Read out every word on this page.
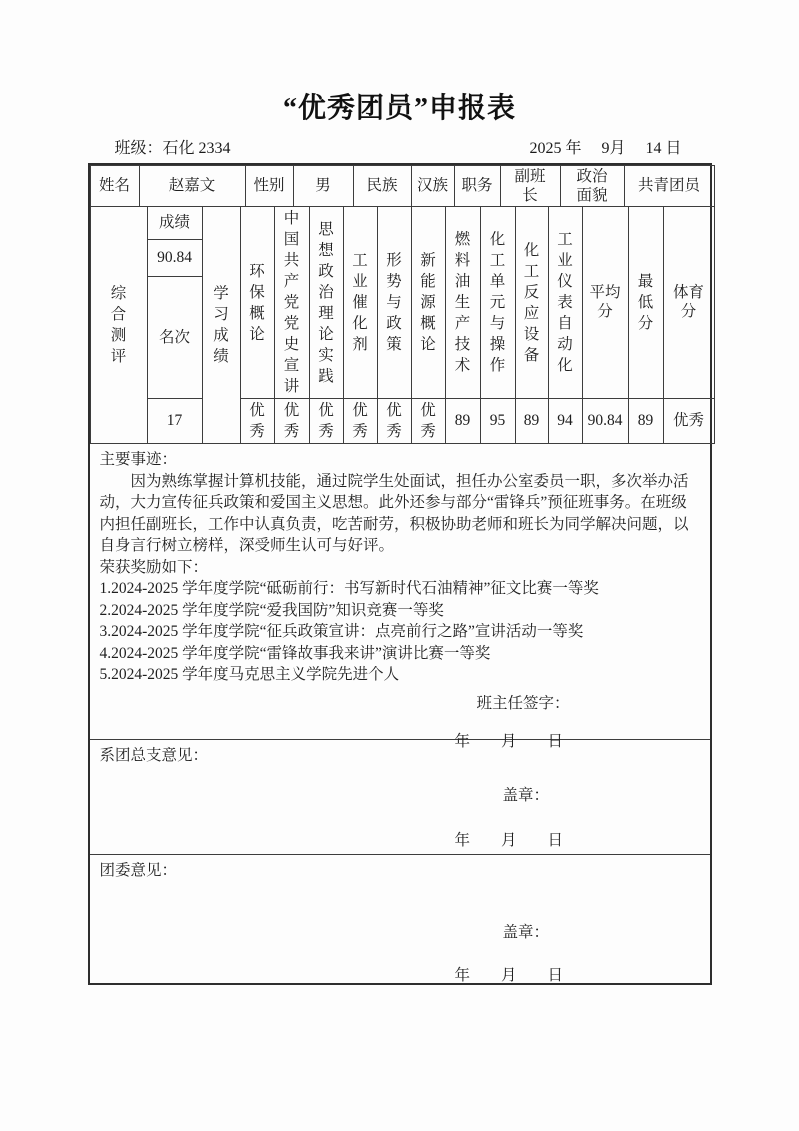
“优秀团员”申报表
班级：石化 2334	2025 年　 9月　 14 日
姓名	赵嘉文	性别	男	民族	汉族	职务	副班长	政治面貌	共青团员
综合测评	成绩	学习成绩	环保概论	中国共产党党史宣讲	思想政治理论实践	工业催化剂	形势与政策	新能源概论	燃料油生产技术	化工单元与操作	化工反应设备	工业仪表自动化	平均分	最低分	体育分
	90.84														
	名次														
	17		优秀	优秀	优秀	优秀	优秀	优秀	89	95	89	94	90.84	89	优秀
主要事迹：
因为熟练掌握计算机技能，通过院学生处面试，担任办公室委员一职，多次举办活动，大力宣传征兵政策和爱国主义思想。此外还参与部分“雷锋兵”预征班事务。在班级内担任副班长，工作中认真负责，吃苦耐劳，积极协助老师和班长为同学解决问题，以自身言行树立榜样，深受师生认可与好评。
荣获奖励如下：
1.2024-2025 学年度学院“砥砺前行：书写新时代石油精神”征文比赛一等奖
2.2024-2025 学年度学院“爱我国防”知识竞赛一等奖
3.2024-2025 学年度学院“征兵政策宣讲：点亮前行之路”宣讲活动一等奖
4.2024-2025 学年度学院“雷锋故事我来讲”演讲比赛一等奖
5.2024-2025 学年度马克思主义学院先进个人
班主任签字：
年　　月　　日
系团总支意见：
盖章：
年　　月　　日
团委意见：
盖章：
年　　月　　日
